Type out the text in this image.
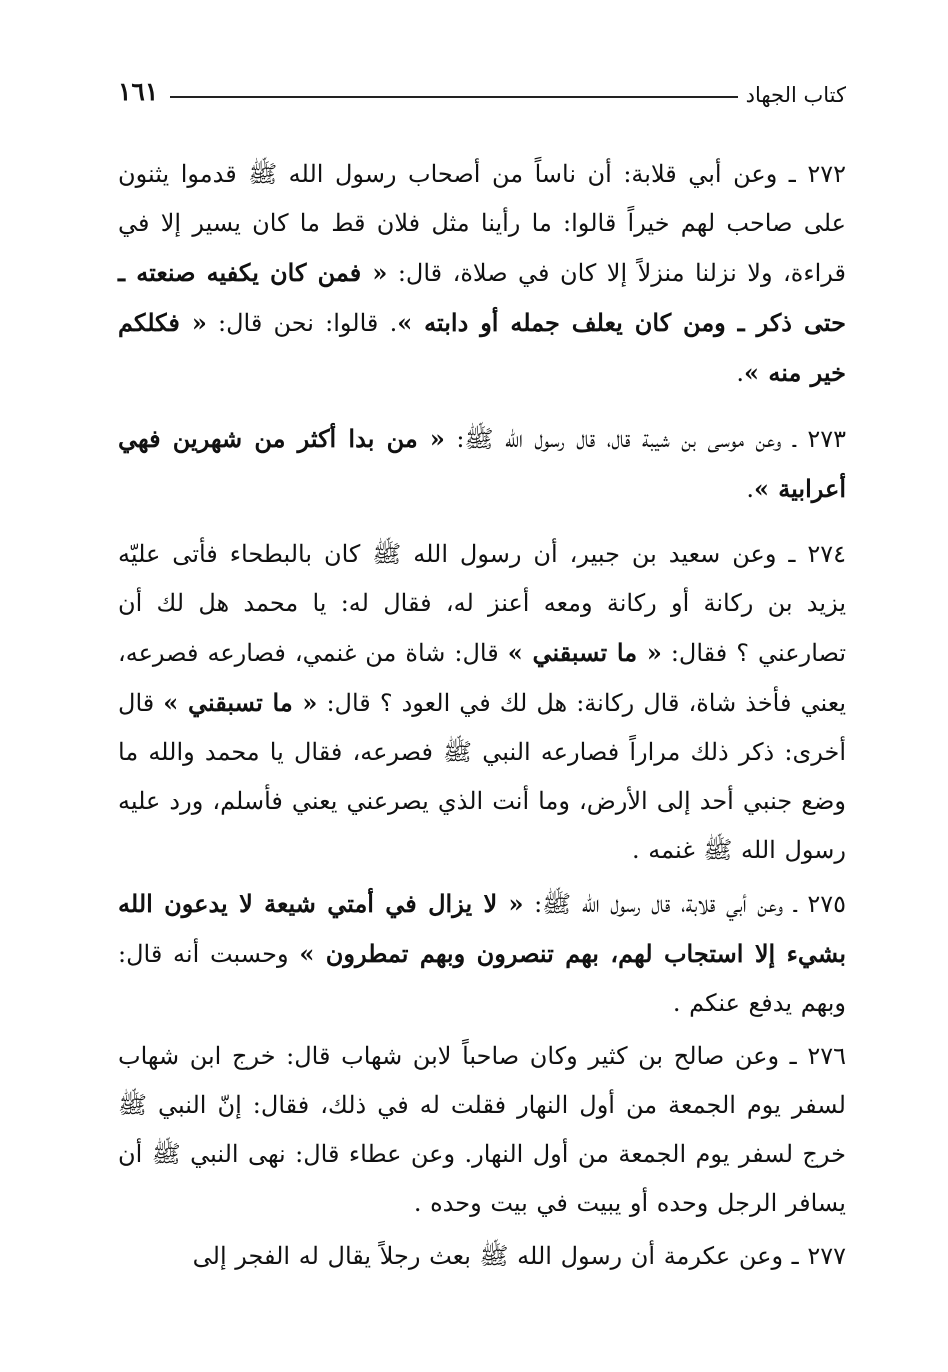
كتاب الجهاد
١٦١

٢٧٢ ـ وعن أبي قلابة: أن ناساً من أصحاب رسول الله ﷺ قدموا يثنون على صاحب لهم خيراً قالوا: ما رأينا مثل فلان قط ما كان يسير إلا في قراءة، ولا نزلنا منزلاً إلا كان في صلاة، قال: « فمن كان يكفيه صنعته ـ حتى ذكر ـ ومن كان يعلف جمله أو دابته ». قالوا: نحن قال: « فكلكم خير منه ».

٢٧٣ ـ وعن موسى بن شيبة قال، قال رسول الله ﷺ: « من بدا أكثر من شهرين فهي أعرابية ».

٢٧٤ ـ وعن سعيد بن جبير، أن رسول الله ﷺ كان بالبطحاء فأتى عليّه يزيد بن ركانة أو ركانة ومعه أعنز له، فقال له: يا محمد هل لك أن تصارعني ؟ فقال: « ما تسبقني » قال: شاة من غنمي، فصارعه فصرعه، يعني فأخذ شاة، قال ركانة: هل لك في العود ؟ قال: « ما تسبقني » قال أخرى: ذكر ذلك مراراً فصارعه النبي ﷺ فصرعه، فقال يا محمد والله ما وضع جنبي أحد إلى الأرض، وما أنت الذي يصرعني يعني فأسلم، ورد عليه رسول الله ﷺ غنمه .

٢٧٥ ـ وعن أبي قلابة، قال رسول الله ﷺ: « لا يزال في أمتي شيعة لا يدعون الله بشيء إلا استجاب لهم، بهم تنصرون وبهم تمطرون » وحسبت أنه قال: وبهم يدفع عنكم .

٢٧٦ ـ وعن صالح بن كثير وكان صاحباً لابن شهاب قال: خرج ابن شهاب لسفر يوم الجمعة من أول النهار فقلت له في ذلك، فقال: إنّ النبي ﷺ خرج لسفر يوم الجمعة من أول النهار. وعن عطاء قال: نهى النبي ﷺ أن يسافر الرجل وحده أو يبيت في بيت وحده .

٢٧٧ ـ وعن عكرمة أن رسول الله ﷺ بعث رجلاً يقال له الفجر إلى
